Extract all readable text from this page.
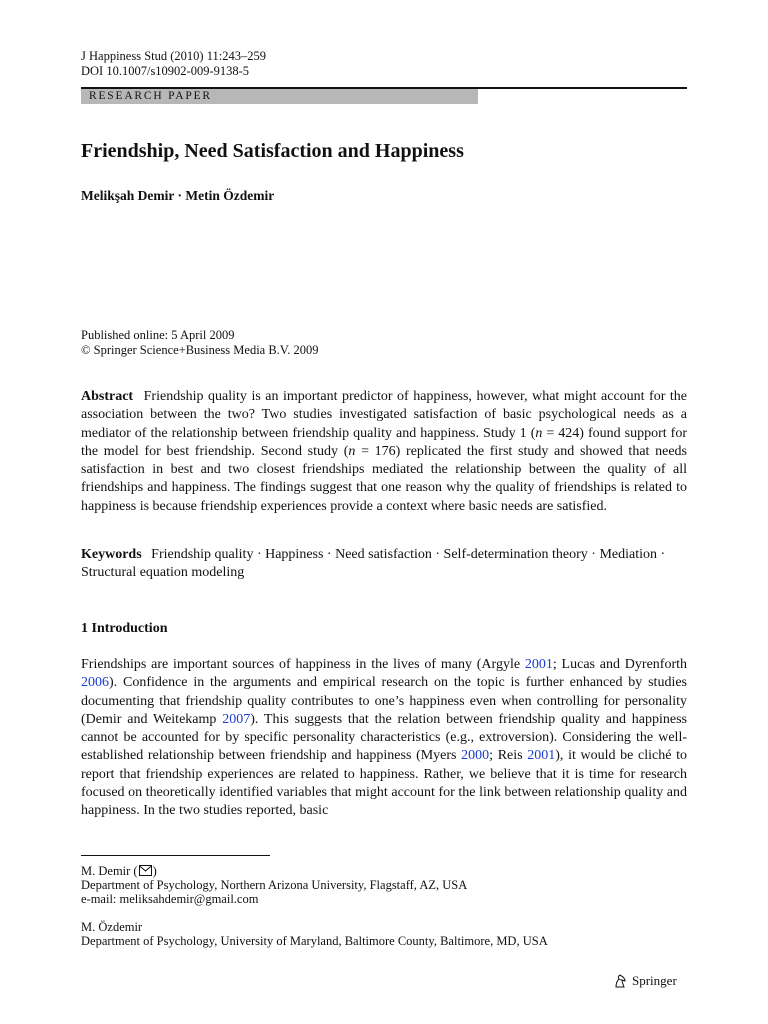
J Happiness Stud (2010) 11:243–259
DOI 10.1007/s10902-009-9138-5
RESEARCH PAPER
Friendship, Need Satisfaction and Happiness
Melikşah Demir · Metin Özdemir
Published online: 5 April 2009
© Springer Science+Business Media B.V. 2009

Abstract Friendship quality is an important predictor of happiness, however, what might account for the association between the two? Two studies investigated satisfaction of basic psychological needs as a mediator of the relationship between friendship quality and happiness. Study 1 (n = 424) found support for the model for best friendship. Second study (n = 176) replicated the first study and showed that needs satisfaction in best and two closest friendships mediated the relationship between the quality of all friendships and happiness. The findings suggest that one reason why the quality of friendships is related to happiness is because friendship experiences provide a context where basic needs are satisfied.

Keywords Friendship quality · Happiness · Need satisfaction · Self-determination theory · Mediation · Structural equation modeling

1 Introduction

Friendships are important sources of happiness in the lives of many (Argyle 2001; Lucas and Dyrenforth 2006). Confidence in the arguments and empirical research on the topic is further enhanced by studies documenting that friendship quality contributes to one’s happiness even when controlling for personality (Demir and Weitekamp 2007). This suggests that the relation between friendship quality and happiness cannot be accounted for by specific personality characteristics (e.g., extroversion). Considering the well-established relationship between friendship and happiness (Myers 2000; Reis 2001), it would be cliché to report that friendship experiences are related to happiness. Rather, we believe that it is time for research focused on theoretically identified variables that might account for the link between relationship quality and happiness. In the two studies reported, basic

M. Demir ( )
Department of Psychology, Northern Arizona University, Flagstaff, AZ, USA
e-mail: meliksahdemir@gmail.com
M. Özdemir
Department of Psychology, University of Maryland, Baltimore County, Baltimore, MD, USA
Springer
